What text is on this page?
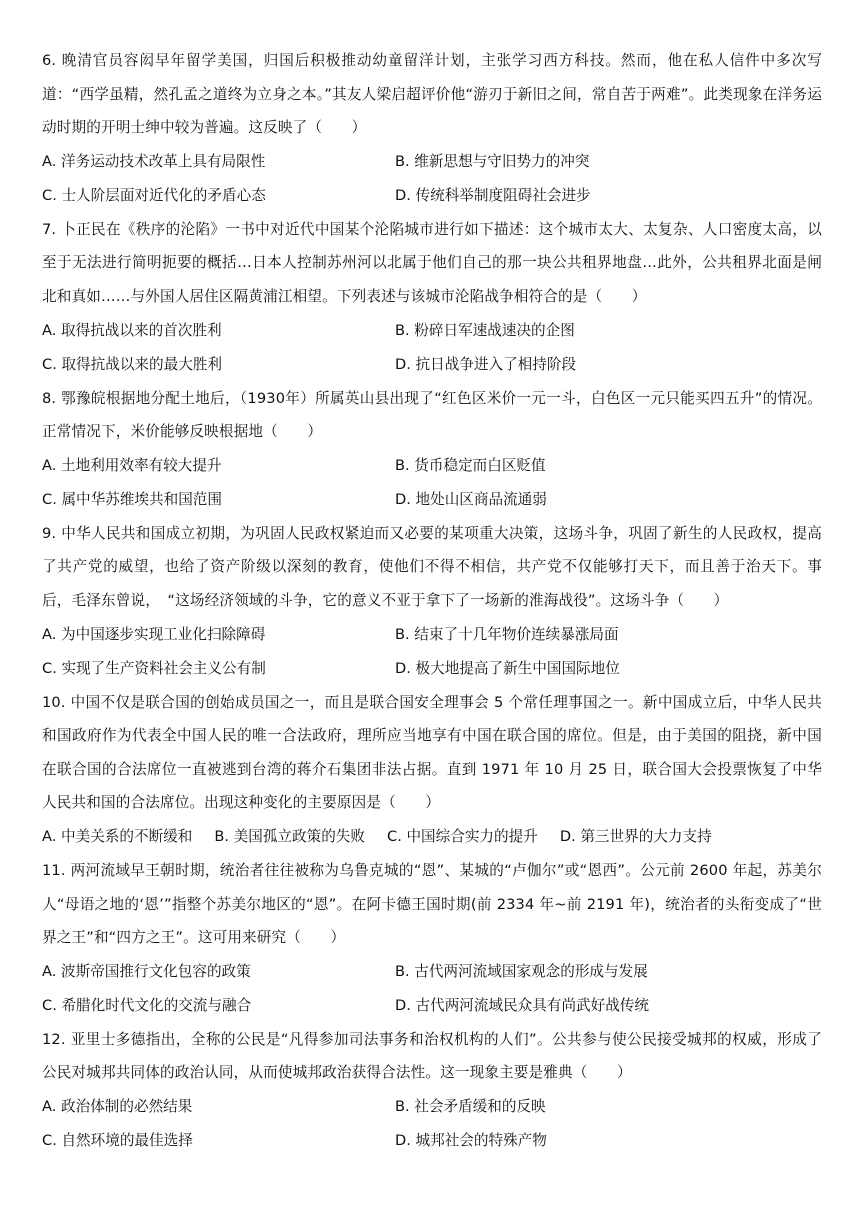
6. 晚清官员容闳早年留学美国，归国后积极推动幼童留洋计划，主张学习西方科技。然而，他在私人信件中多次写道：“西学虽精，然孔孟之道终为立身之本。”其友人梁启超评价他“游刃于新旧之间，常自苦于两难”。此类现象在洋务运动时期的开明士绅中较为普遍。这反映了（　　）

A. 洋务运动技术改革上具有局限性	B. 维新思想与守旧势力的冲突
C. 士人阶层面对近代化的矛盾心态	D. 传统科举制度阻碍社会进步

7. 卜正民在《秩序的沦陷》一书中对近代中国某个沦陷城市进行如下描述：这个城市太大、太复杂、人口密度太高，以至于无法进行简明扼要的概括…日本人控制苏州河以北属于他们自己的那一块公共租界地盘…此外，公共租界北面是闸北和真如……与外国人居住区隔黄浦江相望。下列表述与该城市沦陷战争相符合的是（　　）

A. 取得抗战以来的首次胜利	B. 粉碎日军速战速决的企图
C. 取得抗战以来的最大胜利	D. 抗日战争进入了相持阶段

8. 鄂豫皖根据地分配土地后，（1930年）所属英山县出现了“红色区米价一元一斗，白色区一元只能买四五升”的情况。正常情况下，米价能够反映根据地（　　）

A. 土地利用效率有较大提升	B. 货币稳定而白区贬值
C. 属中华苏维埃共和国范围	D. 地处山区商品流通弱

9. 中华人民共和国成立初期，为巩固人民政权紧迫而又必要的某项重大决策，这场斗争，巩固了新生的人民政权，提高了共产党的威望，也给了资产阶级以深刻的教育，使他们不得不相信，共产党不仅能够打天下，而且善于治天下。事后，毛泽东曾说，　“这场经济领域的斗争，它的意义不亚于拿下了一场新的淮海战役”。这场斗争（　　）

A. 为中国逐步实现工业化扫除障碍	B. 结束了十几年物价连续暴涨局面
C. 实现了生产资料社会主义公有制	D. 极大地提高了新生中国国际地位

10. 中国不仅是联合国的创始成员国之一，而且是联合国安全理事会 5 个常任理事国之一。新中国成立后，中华人民共和国政府作为代表全中国人民的唯一合法政府，理所应当地享有中国在联合国的席位。但是，由于美国的阻挠，新中国在联合国的合法席位一直被逃到台湾的蒋介石集团非法占据。直到 1971 年 10 月 25 日，联合国大会投票恢复了中华人民共和国的合法席位。出现这种变化的主要原因是（　　）

A. 中美关系的不断缓和 B. 美国孤立政策的失败 C. 中国综合实力的提升 D. 第三世界的大力支持

11. 两河流域早王朝时期，统治者往往被称为乌鲁克城的“恩”、某城的“卢伽尔”或“恩西”。公元前 2600 年起，苏美尔人“母语之地的‘恩’”指整个苏美尔地区的“恩”。在阿卡德王国时期(前 2334 年~前 2191 年)，统治者的头衔变成了“世界之王”和“四方之王”。这可用来研究（　　）

A. 波斯帝国推行文化包容的政策	B. 古代两河流域国家观念的形成与发展
C. 希腊化时代文化的交流与融合	D. 古代两河流域民众具有尚武好战传统

12. 亚里士多德指出，全称的公民是“凡得参加司法事务和治权机构的人们”。公共参与使公民接受城邦的权威，形成了公民对城邦共同体的政治认同，从而使城邦政治获得合法性。这一现象主要是雅典（　　）

A. 政治体制的必然结果	B. 社会矛盾缓和的反映
C. 自然环境的最佳选择	D. 城邦社会的特殊产物
